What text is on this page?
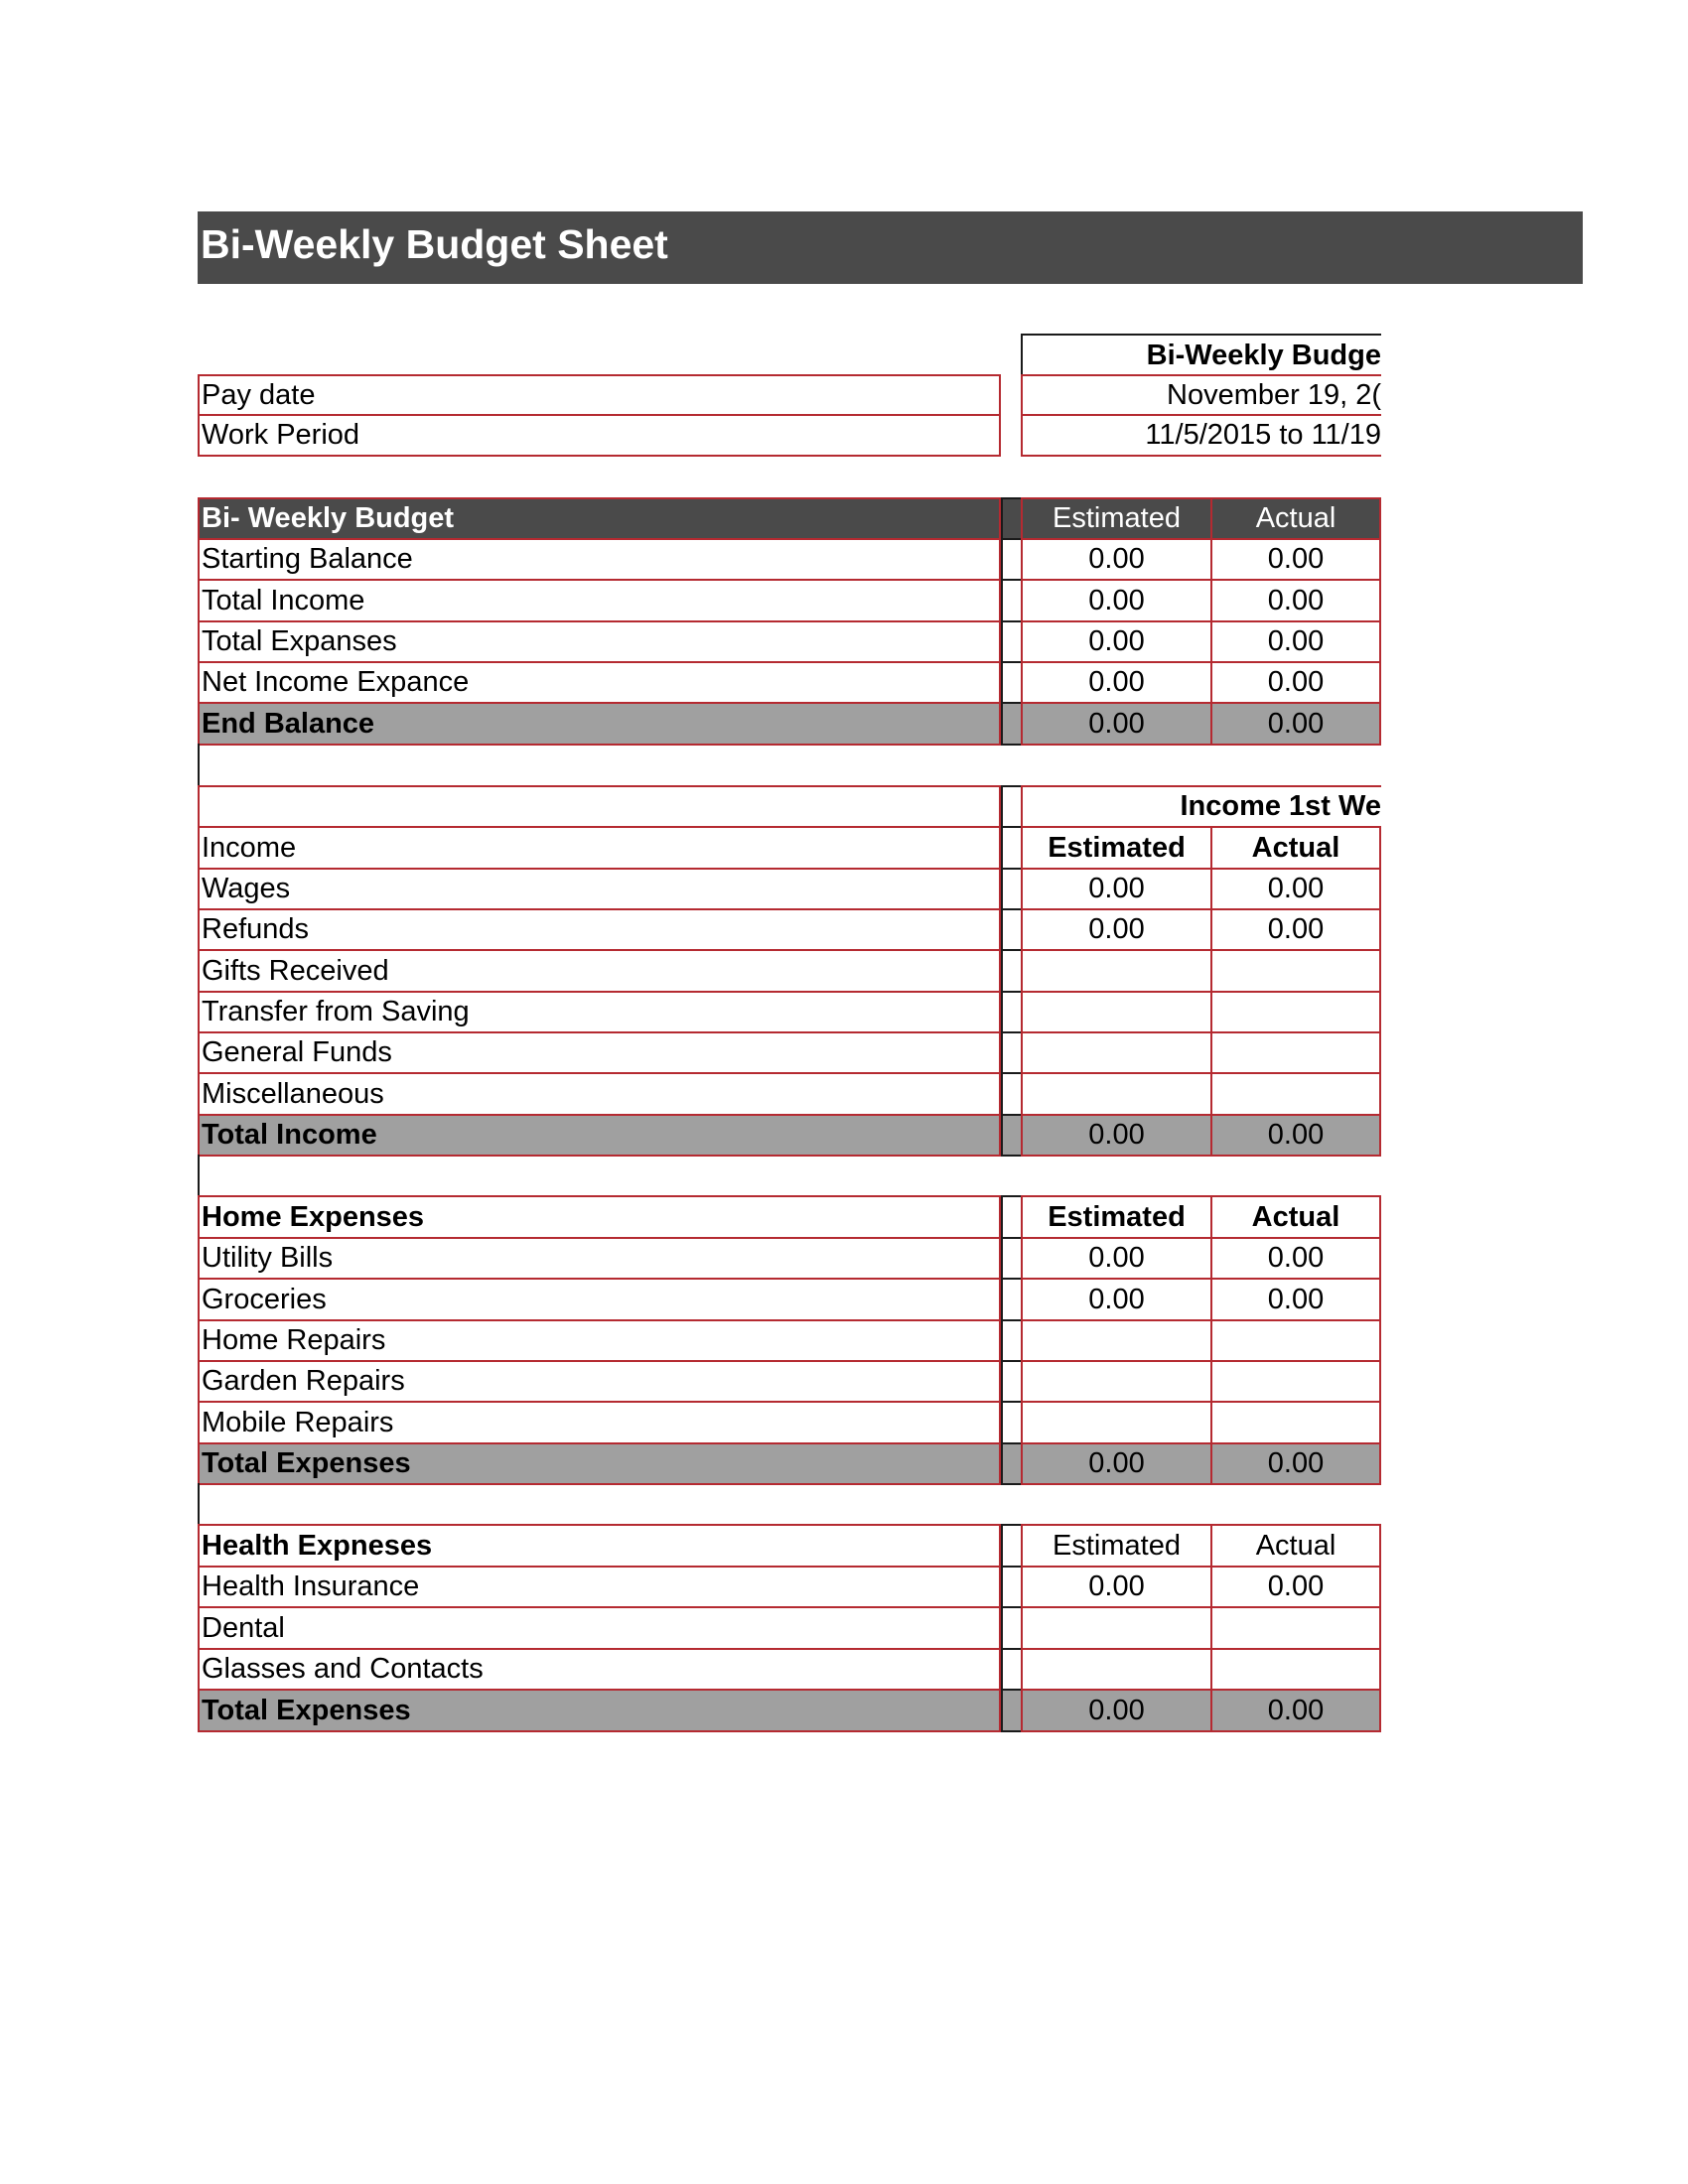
Bi-Weekly Budget Sheet
Bi-Weekly Budge
Pay date	November 19, 2(
Work Period	11/5/2015 to 11/19
Bi- Weekly Budget	Estimated	Actual
Starting Balance	0.00	0.00
Total Income	0.00	0.00
Total Expanses	0.00	0.00
Net Income Expance	0.00	0.00
End Balance	0.00	0.00
Income 1st We
Income	Estimated Actual
Wages	0.00	0.00
Refunds	0.00	0.00
Gifts Received
Transfer from Saving
General Funds
Miscellaneous
Total Income	0.00	0.00
Home Expenses	Estimated Actual
Utility Bills	0.00	0.00
Groceries	0.00	0.00
Home Repairs
Garden Repairs
Mobile Repairs
Total Expenses	0.00	0.00
Health Expneses	Estimated	Actual
Health Insurance	0.00	0.00
Dental
Glasses and Contacts
Total Expenses	0.00	0.00
